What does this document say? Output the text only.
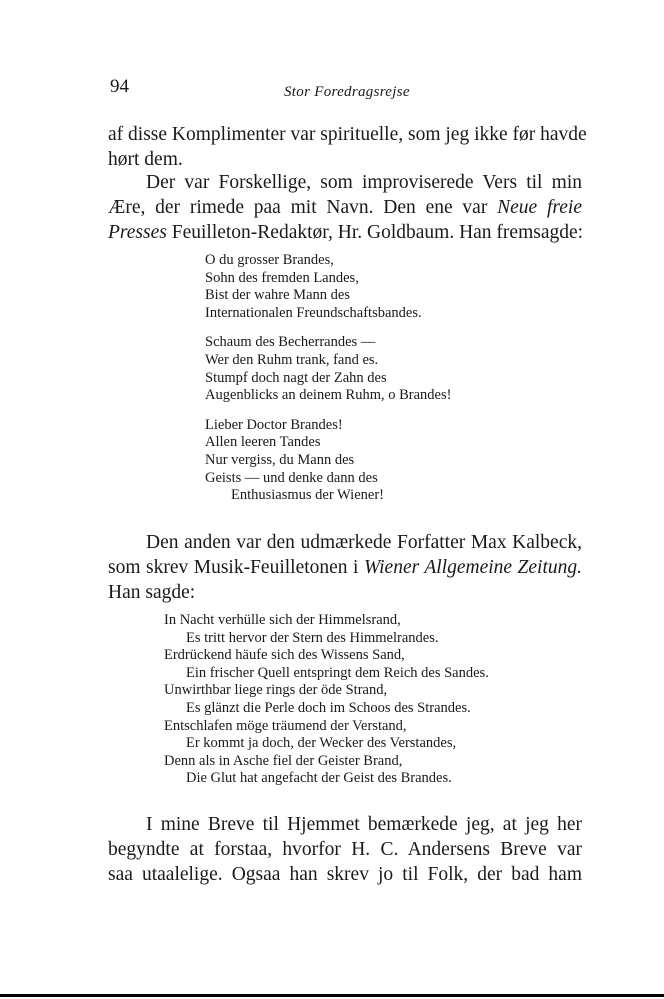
94	Stor Foredragsrejse
af disse Komplimenter var spirituelle, som jeg ikke før havde
hørt dem.
Der var Forskellige, som improviserede Vers til min
Ære, der rimede paa mit Navn. Den ene var Neue freie
Presses Feuilleton-Redaktør, Hr. Goldbaum. Han fremsagde:
O du grosser Brandes,
Sohn des fremden Landes,
Bist der wahre Mann des
Internationalen Freundschaftsbandes.
Schaum des Becherrandes —
Wer den Ruhm trank, fand es.
Stumpf doch nagt der Zahn des
Augenblicks an deinem Ruhm, o Brandes!
Lieber Doctor Brandes!
Allen leeren Tandes
Nur vergiss, du Mann des
Geists — und denke dann des
Enthusiasmus der Wiener!
Den anden var den udmærkede Forfatter Max Kalbeck,
som skrev Musik-Feuilletonen i Wiener Allgemeine Zeitung.
Han sagde:
In Nacht verhülle sich der Himmelsrand,
Es tritt hervor der Stern des Himmelrandes.
Erdrückend häufe sich des Wissens Sand,
Ein frischer Quell entspringt dem Reich des Sandes.
Unwirthbar liege rings der öde Strand,
Es glänzt die Perle doch im Schoos des Strandes.
Entschlafen möge träumend der Verstand,
Er kommt ja doch, der Wecker des Verstandes,
Denn als in Asche fiel der Geister Brand,
Die Glut hat angefacht der Geist des Brandes.
I mine Breve til Hjemmet bemærkede jeg, at jeg her
begyndte at forstaa, hvorfor H. C. Andersens Breve var
saa utaalelige. Ogsaa han skrev jo til Folk, der bad ham
